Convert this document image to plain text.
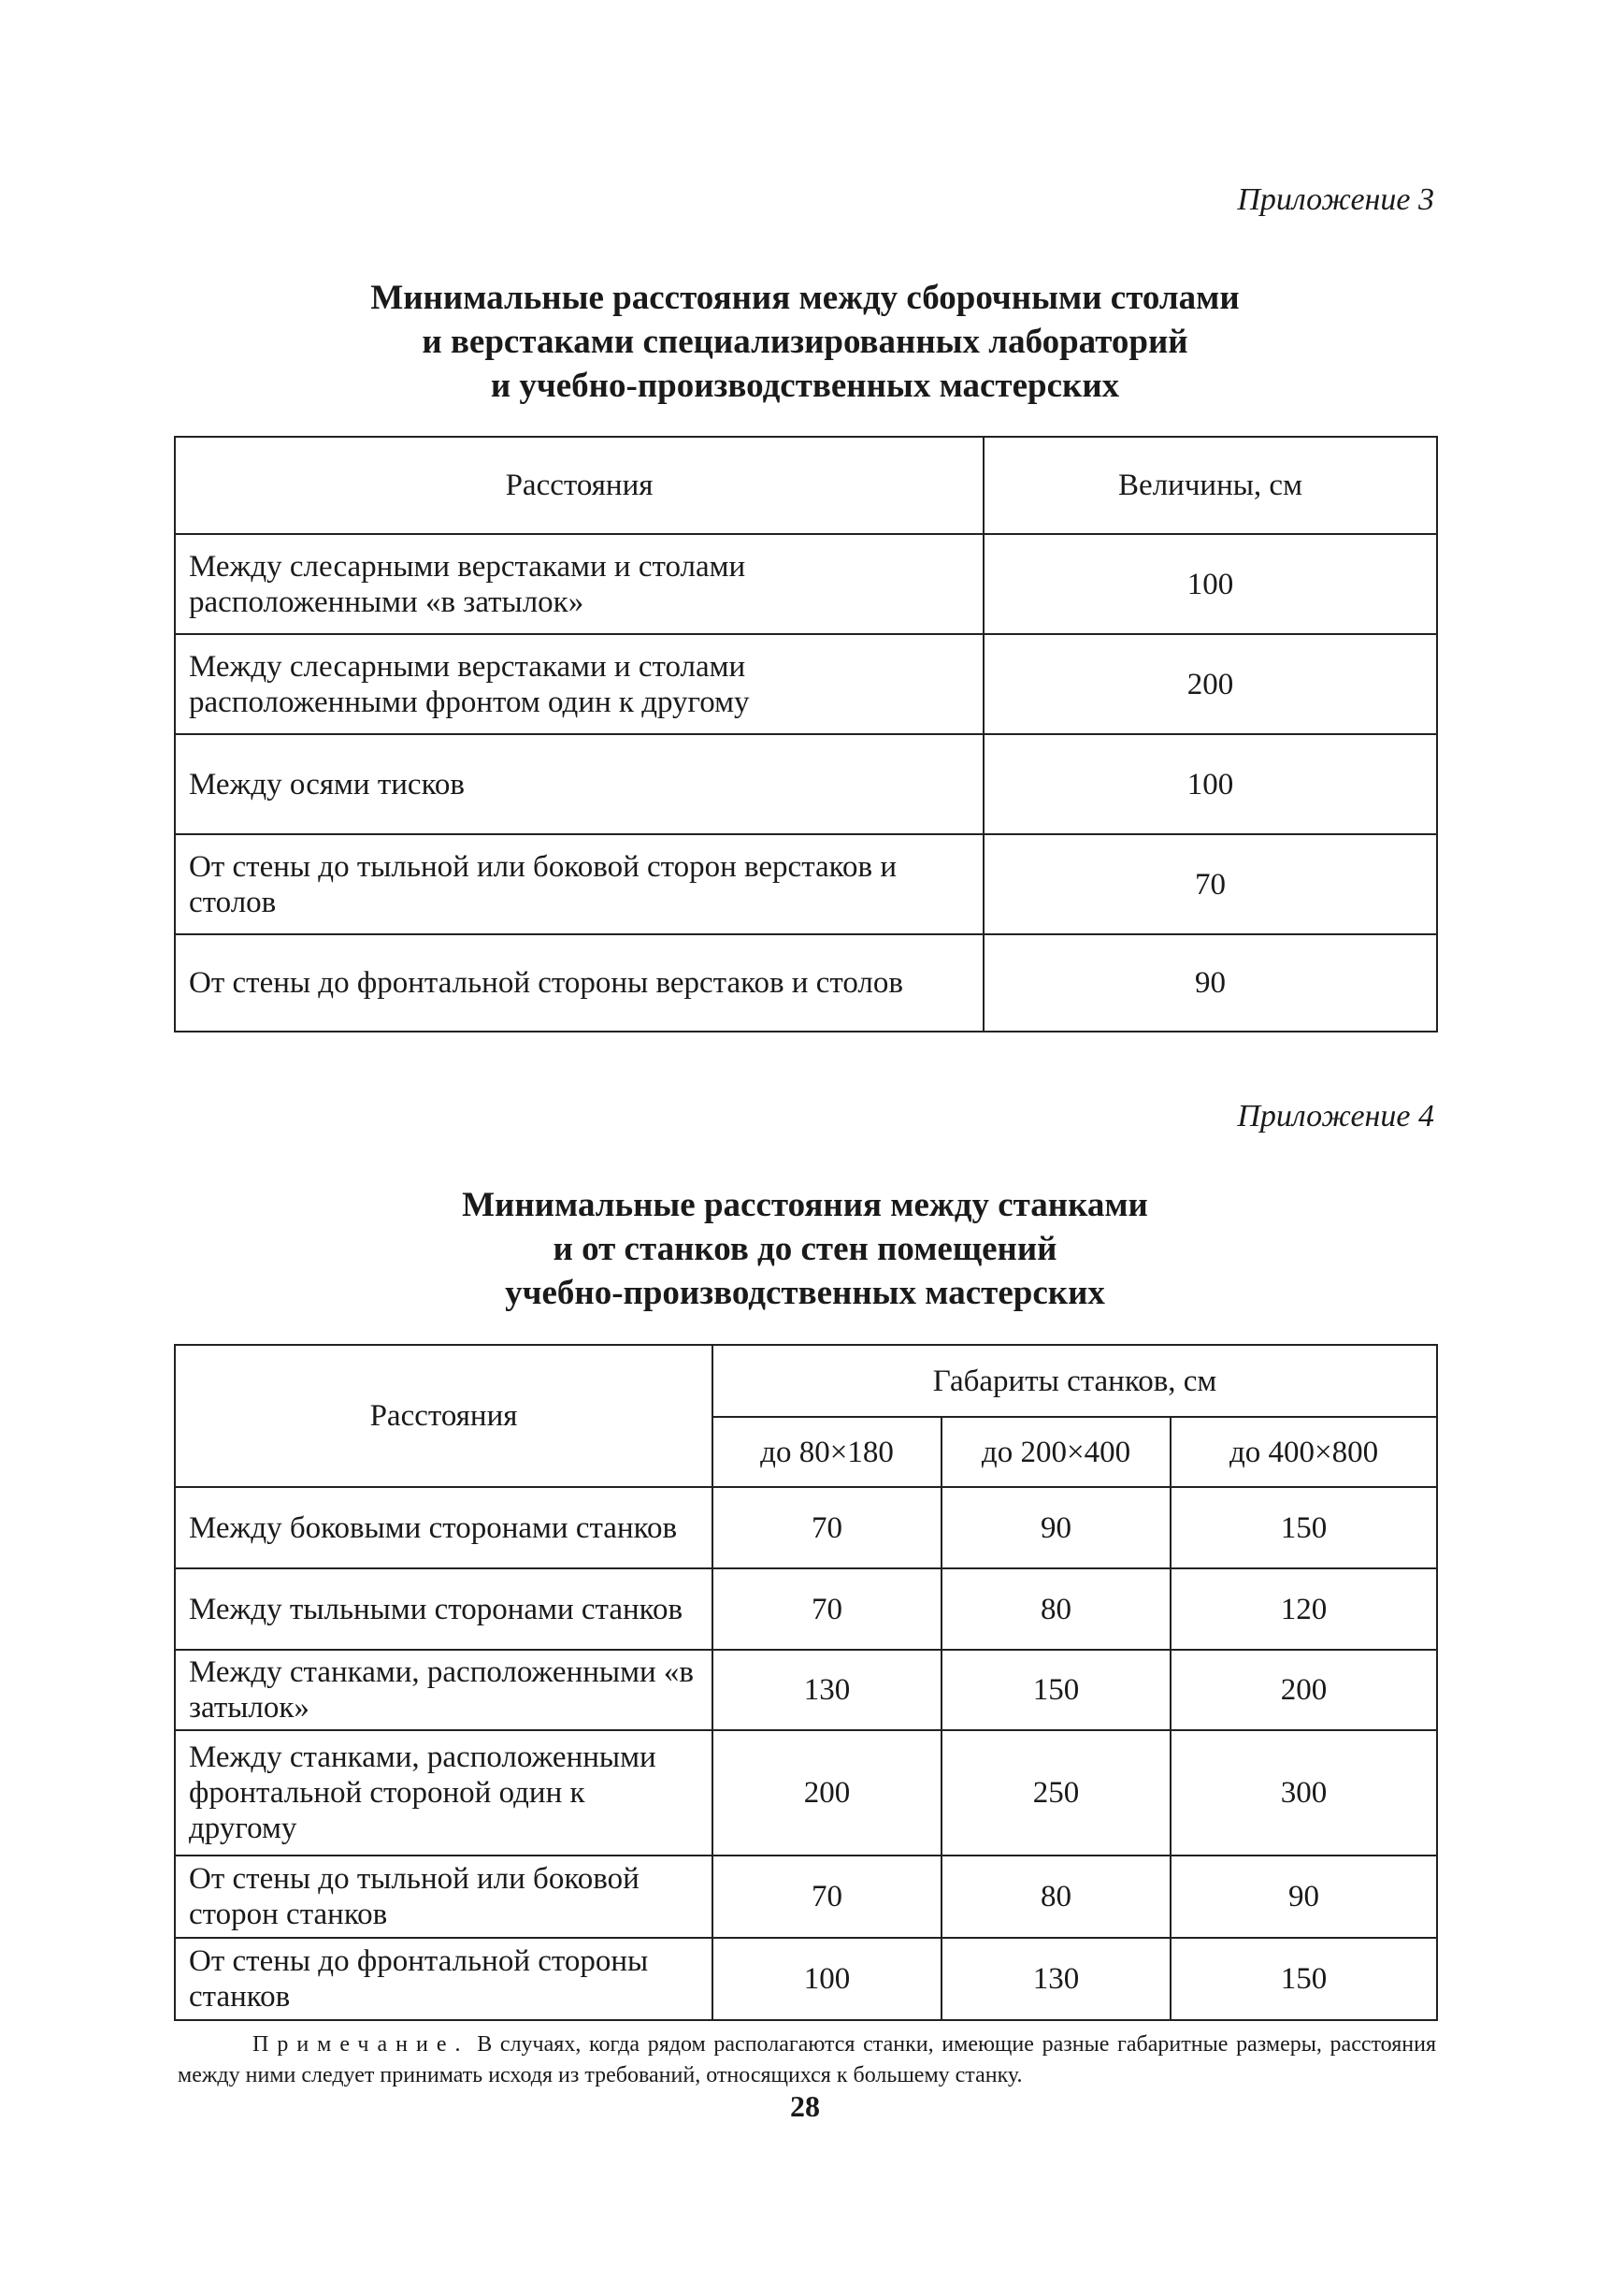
Приложение 3
Минимальные расстояния между сборочными столами
и верстаками специализированных лабораторий
и учебно-производственных мастерских
Расстояния	Величины, см
Между слесарными верстаками и столами расположенными «в затылок»	100
Между слесарными верстаками и столами расположенными фронтом один к другому	200
Между осями тисков	100
От стены до тыльной или боковой сторон верстаков и столов	70
От стены до фронтальной стороны верстаков и столов	90
Приложение 4
Минимальные расстояния между станками
и от станков до стен помещений
учебно-производственных мастерских
Расстояния	Габариты станков, см		
	до 80×180	до 200×400	до 400×800
Между боковыми сторонами станков	70	90	150
Между тыльными сторонами станков	70	80	120
Между станками, расположенными «в затылок»	130	150	200
Между станками, расположенными фронтальной стороной один к другому	200	250	300
От стены до тыльной или боковой сторон станков	70	80	90
От стены до фронтальной стороны станков	100	130	150
Примечание. В случаях, когда рядом располагаются станки, имеющие разные габаритные размеры, расстояния между ними следует принимать исходя из требований, относящихся к большему станку.
28
